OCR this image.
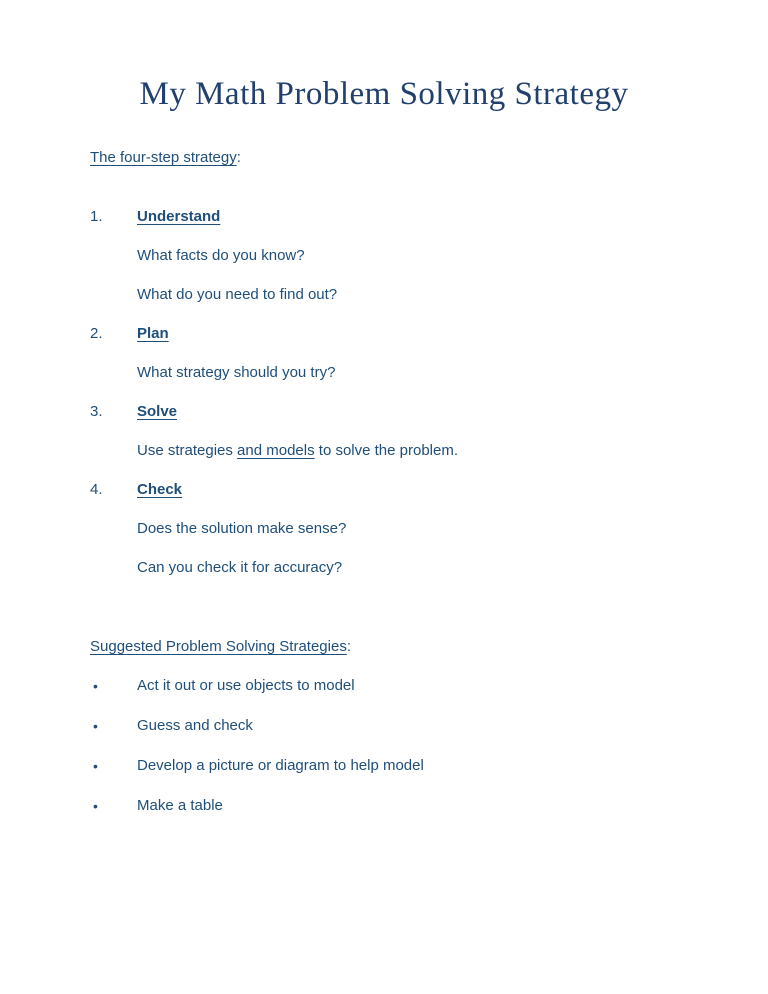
My Math Problem Solving Strategy

The four-step strategy:

1.	Understand

What facts do you know?

What do you need to find out?

2.	Plan

What strategy should you try?

3.	Solve

Use strategies and models to solve the problem.

4.	Check

Does the solution make sense?

Can you check it for accuracy?

Suggested Problem Solving Strategies:

•	Act it out or use objects to model
•	Guess and check
•	Develop a picture or diagram to help model
•	Make a table
